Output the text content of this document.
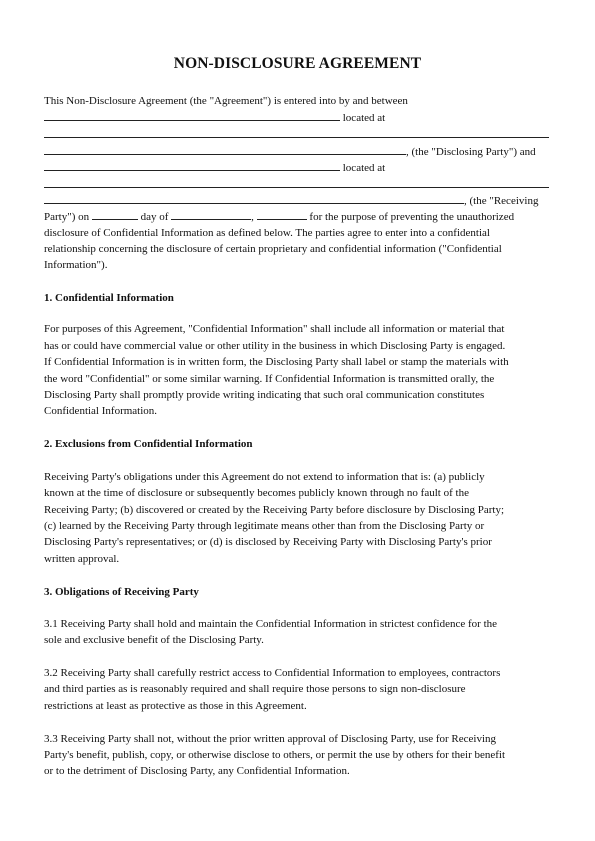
NON-DISCLOSURE AGREEMENT
This Non-Disclosure Agreement (the "Agreement") is entered into by and between
located at
, (the "Disclosing Party") and
located at
, (the "Receiving
Party") on	day of	,	for the purpose of preventing the unauthorized
disclosure of Confidential Information as defined below. The parties agree to enter into a confidential
relationship concerning the disclosure of certain proprietary and confidential information ("Confidential
Information").
1. Confidential Information
For purposes of this Agreement, "Confidential Information" shall include all information or material that
has or could have commercial value or other utility in the business in which Disclosing Party is engaged.
If Confidential Information is in written form, the Disclosing Party shall label or stamp the materials with
the word "Confidential" or some similar warning. If Confidential Information is transmitted orally, the
Disclosing Party shall promptly provide writing indicating that such oral communication constitutes
Confidential Information.
2. Exclusions from Confidential Information
Receiving Party's obligations under this Agreement do not extend to information that is: (a) publicly
known at the time of disclosure or subsequently becomes publicly known through no fault of the
Receiving Party; (b) discovered or created by the Receiving Party before disclosure by Disclosing Party;
(c) learned by the Receiving Party through legitimate means other than from the Disclosing Party or
Disclosing Party's representatives; or (d) is disclosed by Receiving Party with Disclosing Party's prior
written approval.
3. Obligations of Receiving Party
3.1 Receiving Party shall hold and maintain the Confidential Information in strictest confidence for the
sole and exclusive benefit of the Disclosing Party.
3.2 Receiving Party shall carefully restrict access to Confidential Information to employees, contractors
and third parties as is reasonably required and shall require those persons to sign non-disclosure
restrictions at least as protective as those in this Agreement.
3.3 Receiving Party shall not, without the prior written approval of Disclosing Party, use for Receiving
Party's benefit, publish, copy, or otherwise disclose to others, or permit the use by others for their benefit
or to the detriment of Disclosing Party, any Confidential Information.
